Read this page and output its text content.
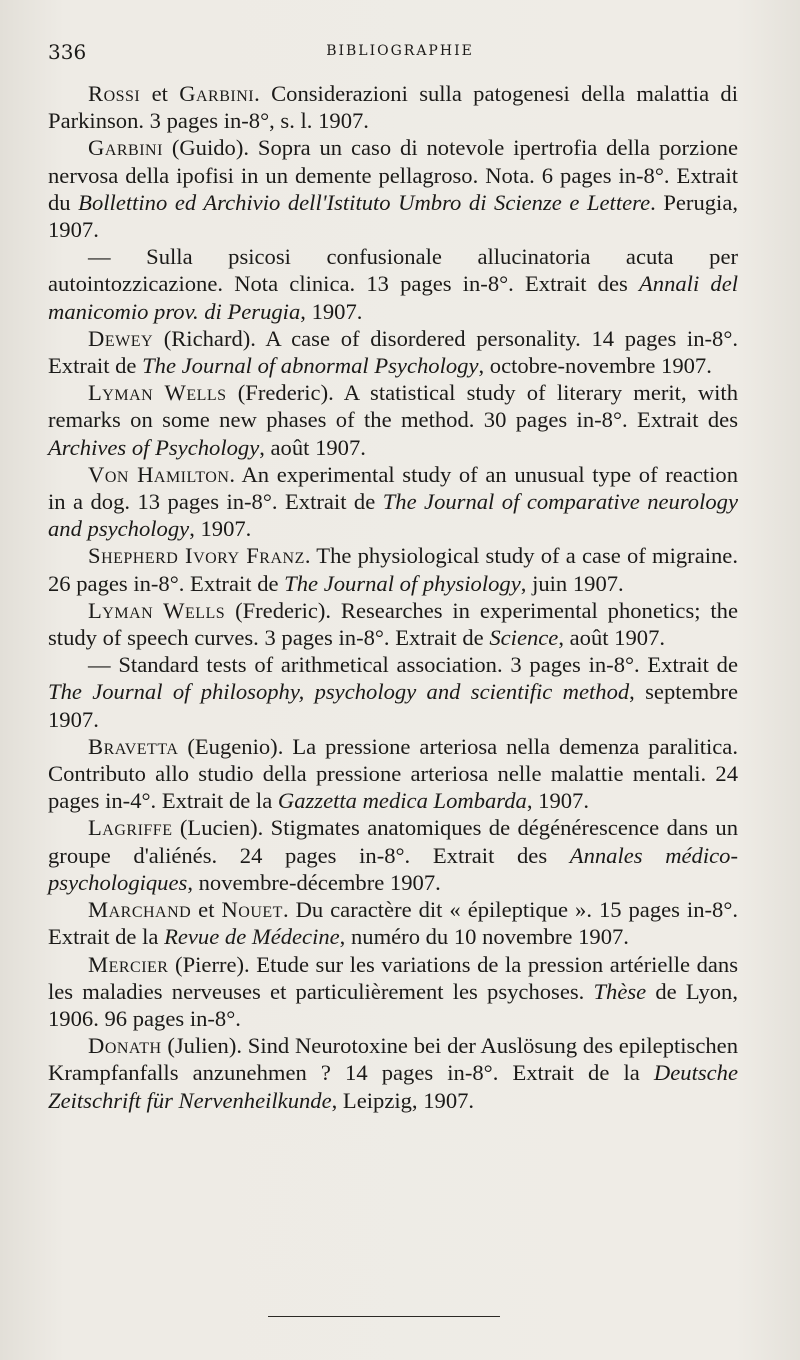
336	BIBLIOGRAPHIE

Rossi et Garbini. Considerazioni sulla patogenesi della malattia di Parkinson. 3 pages in-8°, s. l. 1907.

Garbini (Guido). Sopra un caso di notevole ipertrofia della porzione nervosa della ipofisi in un demente pellagroso. Nota. 6 pages in-8°. Extrait du Bollettino ed Archivio dell'Istituto Umbro di Scienze e Lettere. Perugia, 1907.

— Sulla psicosi confusionale allucinatoria acuta per autointozzicazione. Nota clinica. 13 pages in-8°. Extrait des Annali del manicomio prov. di Perugia, 1907.

Dewey (Richard). A case of disordered personality. 14 pages in-8°. Extrait de The Journal of abnormal Psychology, octobre-novembre 1907.

Lyman Wells (Frederic). A statistical study of literary merit, with remarks on some new phases of the method. 30 pages in-8°. Extrait des Archives of Psychology, août 1907.

Von Hamilton. An experimental study of an unusual type of reaction in a dog. 13 pages in-8°. Extrait de The Journal of comparative neurology and psychology, 1907.

Shepherd Ivory Franz. The physiological study of a case of migraine. 26 pages in-8°. Extrait de The Journal of physiology, juin 1907.

Lyman Wells (Frederic). Researches in experimental phonetics; the study of speech curves. 3 pages in-8°. Extrait de Science, août 1907.

— Standard tests of arithmetical association. 3 pages in-8°. Extrait de The Journal of philosophy, psychology and scientific method, septembre 1907.

Bravetta (Eugenio). La pressione arteriosa nella demenza paralitica. Contributo allo studio della pressione arteriosa nelle malattie mentali. 24 pages in-4°. Extrait de la Gazzetta medica Lombarda, 1907.

Lagriffe (Lucien). Stigmates anatomiques de dégénérescence dans un groupe d'aliénés. 24 pages in-8°. Extrait des Annales médico-psychologiques, novembre-décembre 1907.

Marchand et Nouet. Du caractère dit « épileptique ». 15 pages in-8°. Extrait de la Revue de Médecine, numéro du 10 novembre 1907.

Mercier (Pierre). Etude sur les variations de la pression artérielle dans les maladies nerveuses et particulièrement les psychoses. Thèse de Lyon, 1906. 96 pages in-8°.

Donath (Julien). Sind Neurotoxine bei der Auslösung des epileptischen Krampfanfalls anzunehmen ? 14 pages in-8°. Extrait de la Deutsche Zeitschrift für Nervenheilkunde, Leipzig, 1907.
